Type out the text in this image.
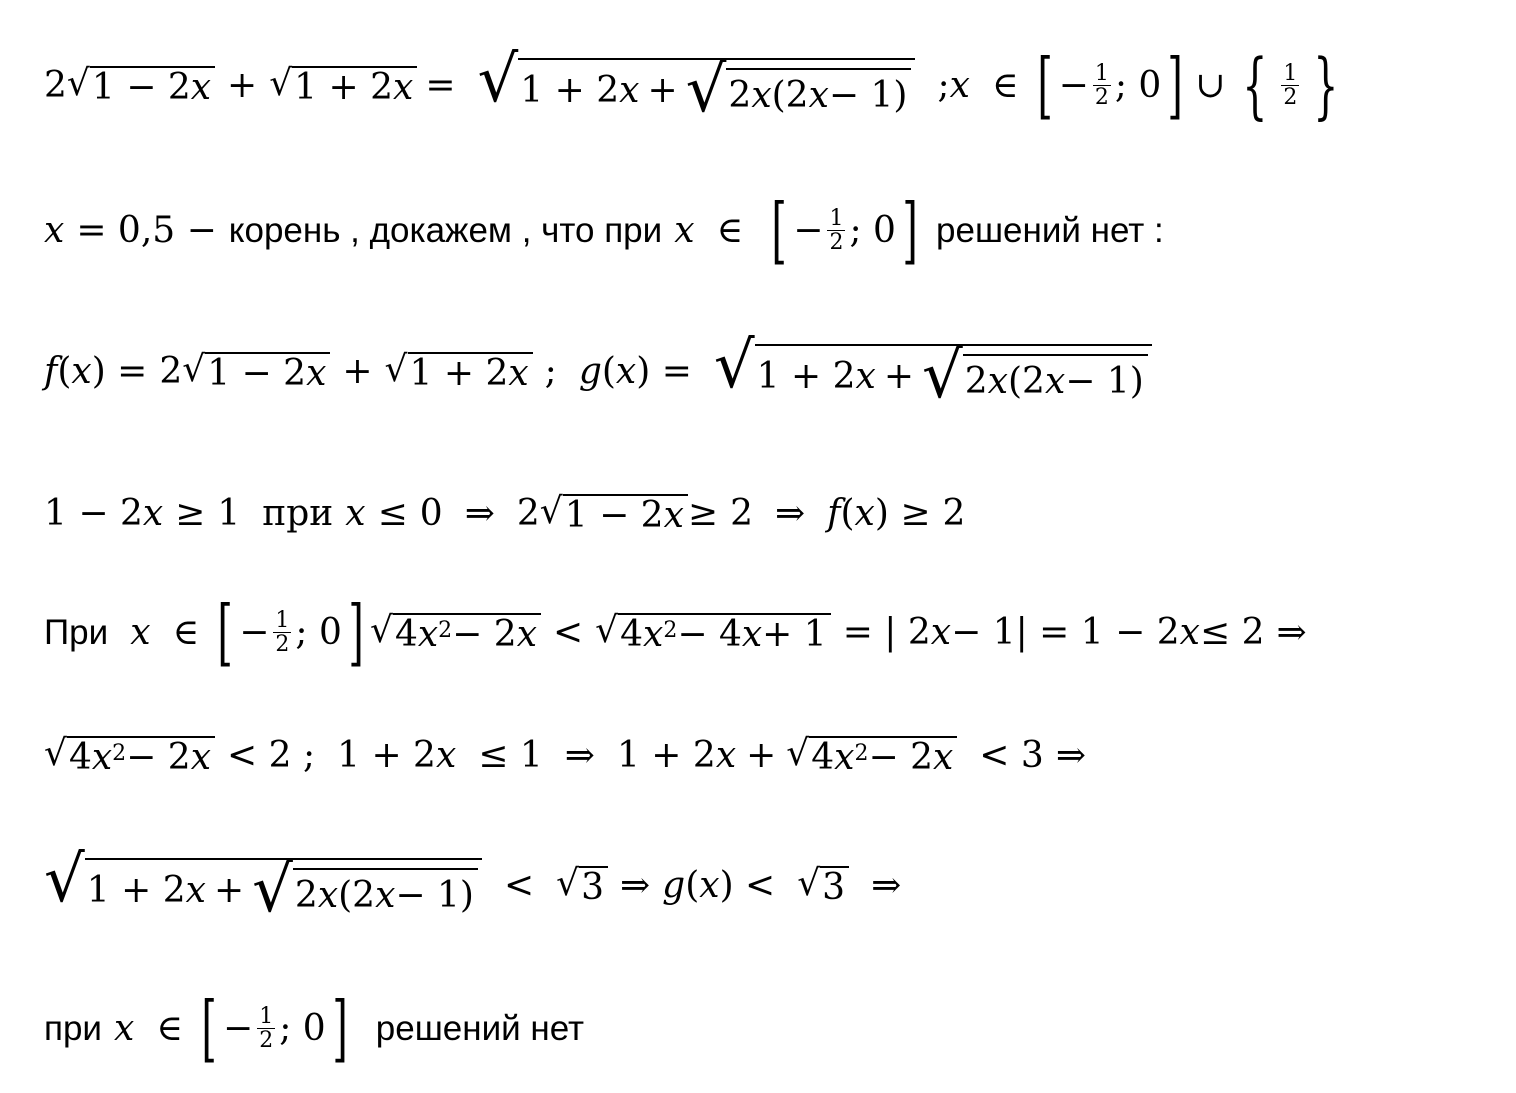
2 √ 1 − 2 x + √ 1 + 2 x = √ 1 + 2 x + √ 2 x (2 x − 1) ; x ∈ [ − $\frac{1}{2}$ ; 0 ] ∪ { $\frac{1}{2}$ }
x = 0,5 − корень , докажем , что при x ∈ [ − $\frac{1}{2}$ ; 0 ] решений нет :
f ( x ) = 2 √ 1 − 2 x + √ 1 + 2 x ; g ( x ) = √ 1 + 2 x + √ 2 x (2 x − 1)
1 − 2 x ≥ 1 при x ≤ 0 ⇒ 2 √ 1 − 2 x ≥ 2 ⇒ f ( x ) ≥ 2
При x ∈ [ − $\frac{1}{2}$ ; 0 ] √ 4 $x^2 - 2$ x < √ 4 $x^2 - 4$ x + 1 = | 2 x − 1| = 1 − 2 x ≤ 2 ⇒
√ 4 $x^2 - 2$ x < 2 ; 1 + 2 x ≤ 1 ⇒ 1 + 2 x + √ 4 $x^2 - 2$ x < 3 ⇒
√ 1 + 2 x + √ 2 x (2 x − 1) < √ 3 ⇒ g ( x ) < √ 3 ⇒
при x ∈ [ − $\frac{1}{2}$ ; 0 ] решений нет
